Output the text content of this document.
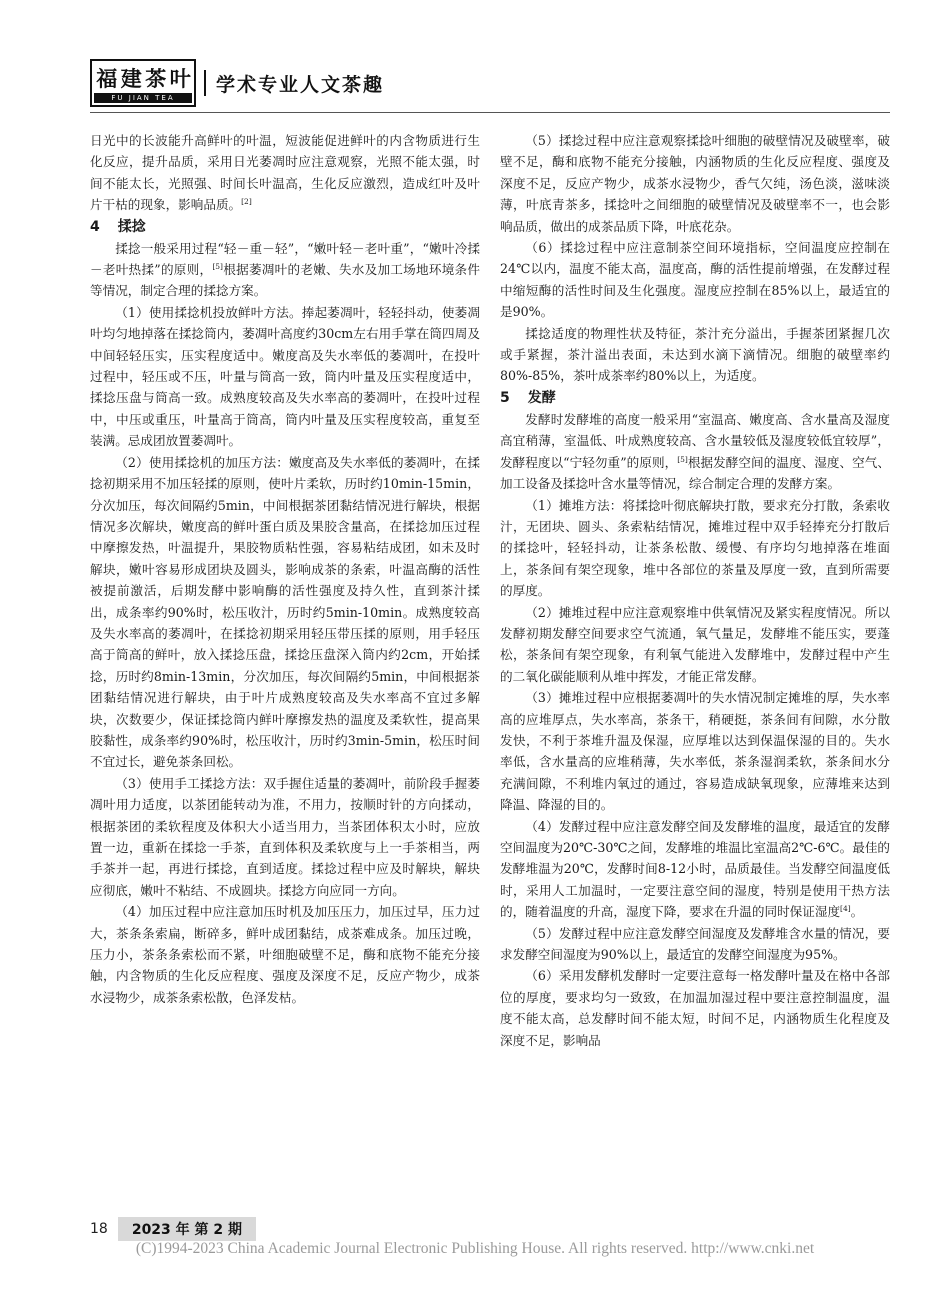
福 建 茶 叶
FU JIAN TEA
学术专业人文茶趣

日光中的长波能升高鲜叶的叶温，短波能促进鲜叶的内含物质进行生化反应，提升品质，采用日光萎凋时应注意观察，光照不能太强，时间不能太长，光照强、时间长叶温高，生化反应激烈，造成红叶及叶片干枯的现象，影响品质。[2]

4 揉捻

揉捻一般采用过程“轻－重－轻”，“嫩叶轻－老叶重”，“嫩叶冷揉－老叶热揉”的原则，[5]根据萎凋叶的老嫩、失水及加工场地环境条件等情况，制定合理的揉捻方案。

（1）使用揉捻机投放鲜叶方法。捧起萎凋叶，轻轻抖动，使萎凋叶均匀地掉落在揉捻筒内，萎凋叶高度约30cm左右用手掌在筒四周及中间轻轻压实，压实程度适中。嫩度高及失水率低的萎凋叶，在投叶过程中，轻压或不压，叶量与筒高一致，筒内叶量及压实程度适中，揉捻压盘与筒高一致。成熟度较高及失水率高的萎凋叶，在投叶过程中，中压或重压，叶量高于筒高，筒内叶量及压实程度较高，重复至装满。忌成团放置萎凋叶。

（2）使用揉捻机的加压方法：嫩度高及失水率低的萎凋叶，在揉捻初期采用不加压轻揉的原则，使叶片柔软，历时约10min-15min，分次加压，每次间隔约5min，中间根据茶团黏结情况进行解块，根据情况多次解块，嫩度高的鲜叶蛋白质及果胶含量高，在揉捻加压过程中摩擦发热，叶温提升，果胶物质粘性强，容易粘结成团，如未及时解块，嫩叶容易形成团块及圆头，影响成茶的条索，叶温高酶的活性被提前激活，后期发酵中影响酶的活性强度及持久性，直到茶汁揉出，成条率约90%时，松压收汁，历时约5min-10min。成熟度较高及失水率高的萎凋叶，在揉捻初期采用轻压带压揉的原则，用手轻压高于筒高的鲜叶，放入揉捻压盘，揉捻压盘深入筒内约2cm，开始揉捻，历时约8min-13min，分次加压，每次间隔约5min，中间根据茶团黏结情况进行解块，由于叶片成熟度较高及失水率高不宜过多解块，次数要少，保证揉捻筒内鲜叶摩擦发热的温度及柔软性，提高果胶黏性，成条率约90%时，松压收汁，历时约3min-5min，松压时间不宜过长，避免茶条回松。

（3）使用手工揉捻方法：双手握住适量的萎凋叶，前阶段手握萎凋叶用力适度，以茶团能转动为准，不用力，按顺时针的方向揉动，根据茶团的柔软程度及体积大小适当用力，当茶团体积太小时，应放置一边，重新在揉捻一手茶，直到体积及柔软度与上一手茶相当，两手茶并一起，再进行揉捻，直到适度。揉捻过程中应及时解块，解块应彻底，嫩叶不粘结、不成圆块。揉捻方向应同一方向。

（4）加压过程中应注意加压时机及加压压力，加压过早，压力过大，茶条条索扁，断碎多，鲜叶成团黏结，成茶难成条。加压过晚，压力小，茶条条索松而不紧，叶细胞破壁不足，酶和底物不能充分接触，内含物质的生化反应程度、强度及深度不足，反应产物少，成茶水浸物少，成茶条索松散，色泽发枯。

（5）揉捻过程中应注意观察揉捻叶细胞的破壁情况及破壁率，破壁不足，酶和底物不能充分接触，内涵物质的生化反应程度、强度及深度不足，反应产物少，成茶水浸物少，香气欠纯，汤色淡，滋味淡薄，叶底青茶多，揉捻叶之间细胞的破壁情况及破壁率不一，也会影响品质，做出的成茶品质下降，叶底花杂。

（6）揉捻过程中应注意制茶空间环境指标，空间温度应控制在24℃以内，温度不能太高，温度高，酶的活性提前增强，在发酵过程中缩短酶的活性时间及生化强度。湿度应控制在85%以上，最适宜的是90%。

揉捻适度的物理性状及特征，茶汁充分溢出，手握茶团紧握几次或手紧握，茶汁溢出表面，未达到水滴下滴情况。细胞的破壁率约80%-85%，茶叶成茶率约80%以上，为适度。

5 发酵

发酵时发酵堆的高度一般采用“室温高、嫩度高、含水量高及湿度高宜稍薄，室温低、叶成熟度较高、含水量较低及湿度较低宜较厚”，发酵程度以“宁轻勿重”的原则，[5]根据发酵空间的温度、湿度、空气、加工设备及揉捻叶含水量等情况，综合制定合理的发酵方案。

（1）摊堆方法：将揉捻叶彻底解块打散，要求充分打散，条索收汁，无团块、圆头、条索粘结情况，摊堆过程中双手轻捧充分打散后的揉捻叶，轻轻抖动，让茶条松散、缓慢、有序均匀地掉落在堆面上，茶条间有架空现象，堆中各部位的茶量及厚度一致，直到所需要的厚度。

（2）摊堆过程中应注意观察堆中供氧情况及紧实程度情况。所以发酵初期发酵空间要求空气流通，氧气量足，发酵堆不能压实，要蓬松，茶条间有架空现象，有利氧气能进入发酵堆中，发酵过程中产生的二氧化碳能顺利从堆中挥发，才能正常发酵。

（3）摊堆过程中应根据萎凋叶的失水情况制定摊堆的厚，失水率高的应堆厚点，失水率高，茶条干，稍硬挺，茶条间有间隙，水分散发快，不利于茶堆升温及保湿，应厚堆以达到保温保湿的目的。失水率低，含水量高的应堆稍薄，失水率低，茶条湿润柔软，茶条间水分充满间隙，不利堆内氧过的通过，容易造成缺氧现象，应薄堆来达到降温、降湿的目的。

（4）发酵过程中应注意发酵空间及发酵堆的温度，最适宜的发酵空间温度为20℃-30℃之间，发酵堆的堆温比室温高2℃-6℃。最佳的发酵堆温为20℃，发酵时间8-12小时，品质最佳。当发酵空间温度低时，采用人工加温时，一定要注意空间的湿度，特别是使用干热方法的，随着温度的升高，湿度下降，要求在升温的同时保证湿度[4]。

（5）发酵过程中应注意发酵空间湿度及发酵堆含水量的情况，要求发酵空间湿度为90%以上，最适宜的发酵空间湿度为95%。

（6）采用发酵机发酵时一定要注意每一格发酵叶量及在格中各部位的厚度，要求均匀一致致，在加温加湿过程中要注意控制温度，温度不能太高，总发酵时间不能太短，时间不足，内涵物质生化程度及深度不足，影响品

18	2023 年 第 2 期
(C)1994-2023 China Academic Journal Electronic Publishing House. All rights reserved. http://www.cnki.net
